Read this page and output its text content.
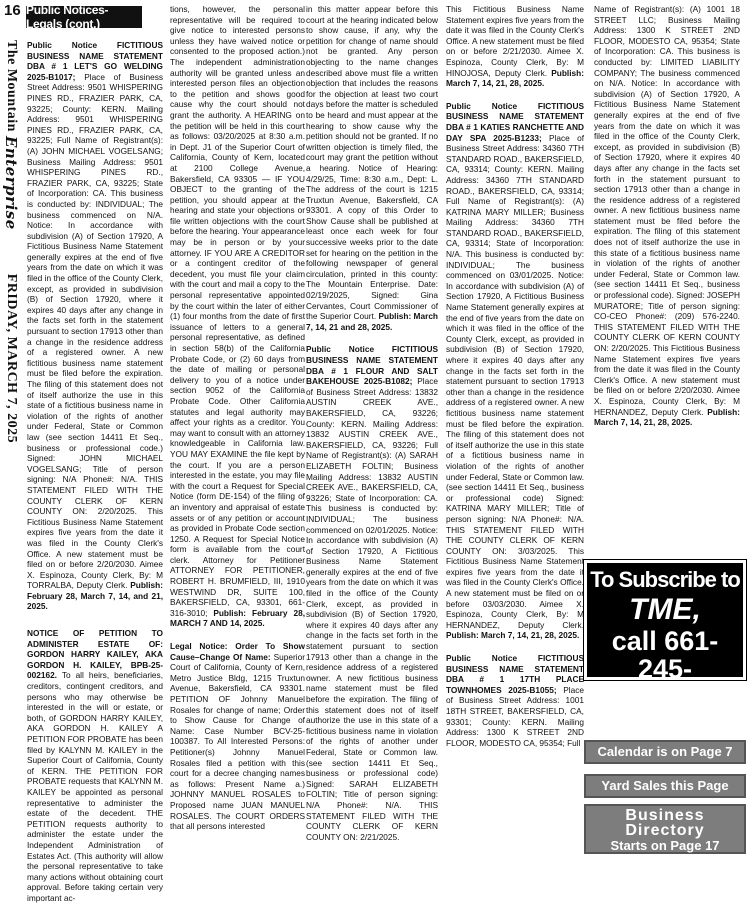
16 Public Notices-Legals (cont.)
The Mountain Enterprise           FRIDAY, MARCH 7, 2025

Public Notice FICTITIOUS BUSINESS NAME STATEMENT DBA # 1 LET'S GO WELDING 2025-B1017; Place of Business Street Address: 9501 WHISPERING PINES RD., FRAZIER PARK, CA, 93225; County: KERN. Mailing Address: 9501 WHISPERING PINES RD., FRAZIER PARK, CA, 93225; Full Name of Registrant(s): (A) JOHN MICHAEL VOGELSANG; Business Mailing Address: 9501 WHISPERING PINES RD., FRAZIER PARK, CA, 93225; State of Incorporation: CA. This business is conducted by: INDIVIDUAL; The business commenced on N/A. Notice: In accordance with subdivision (A) of Section 17920, A Fictitious Business Name Statement generally expires at the end of five years from the date on which it was filed in the office of the County Clerk, except, as provided in subdivision (B) of Section 17920, where it expires 40 days after any change in the facts set forth in the statement pursuant to section 17913 other than a change in the residence address of a registered owner. A new fictitious business name statement must be filed before the expiration. The filing of this statement does not of itself authorize the use in this state of a fictitious business name in violation of the rights of another under Federal, State or Common law (see section 14411 Et Seq., business or professional code.) Signed: JOHN MICHAEL VOGELSANG; Title of person signing: N/A Phone#: N/A. THIS STATEMENT FILED WITH THE COUNTY CLERK OF KERN COUNTY ON: 2/20/2025. This Fictitious Business Name Statement expires five years from the date it was filed in the County Clerk's Office. A new statement must be filed on or before 2/20/2030. Aimee X. Espinoza, County Clerk, By: M TORRALBA, Deputy Clerk. Publish: February 28, March 7, 14, and 21, 2025.

NOTICE OF PETITION TO ADMINISTER ESTATE OF: GORDON HARRY KAILEY, AKA GORDON H. KAILEY, BPB-25-002162. To all heirs, beneficiaries, creditors, contingent creditors, and persons who may otherwise be interested in the will or estate, or both, of GORDON HARRY KAILEY, AKA GORDON H. KAILEY A PETITION FOR PROBATE has been filed by KALYNN M. KAILEY in the Superior Court of California, County of KERN. THE PETITION FOR PROBATE requests that KALYNN M. KAILEY be appointed as personal representative to administer the estate of the decedent. THE PETITION requests authority to administer the estate under the Independent Administration of Estates Act. (This authority will allow the personal representative to take many actions without obtaining court approval. Before taking certain very important ac-

tions, however, the personal representative will be required to give notice to interested persons unless they have waived notice or consented to the proposed action.) The independent administration authority will be granted unless an interested person files an objection to the petition and shows good cause why the court should not grant the authority. A HEARING on the petition will be held in this court as follows: 03/20/2025 at 8:30 a.m. in Dept. J1 of the Superior Court of California, County of Kern, located at 2100 College Avenue, Bakersfield, CA 93305 — IF YOU OBJECT to the granting of the petition, you should appear at the hearing and state your objections or file written objections with the court before the hearing. Your appearance may be in person or by your attorney. IF YOU ARE A CREDITOR or a contingent creditor of the decedent, you must file your claim with the court and mail a copy to the personal representative appointed by the court within the later of either (1) four months from the date of first issuance of letters to a general personal representative, as defined in section 58(b) of the California Probate Code, or (2) 60 days from the date of mailing or personal delivery to you of a notice under section 9052 of the California Probate Code. Other California statutes and legal authority may affect your rights as a creditor. You may want to consult with an attorney knowledgeable in California law. YOU MAY EXAMINE the file kept by the court. If you are a person interested in the estate, you may file with the court a Request for Special Notice (form DE-154) of the filing of an inventory and appraisal of estate assets or of any petition or account as provided in Probate Code section 1250. A Request for Special Notice form is available from the court clerk. Attorney for Petitioner ATTORNEY FOR PETITIONER, ROBERT H. BRUMFIELD, III, 1910 WESTWIND DR, SUITE 100, BAKERSFIELD, CA, 93301, 661-316-3010; Publish: February 28, MARCH 7 AND 14, 2025.

Legal Notice: Order To Show Cause–Change Of Name: Superior Court of California, County of Kern, Metro Justice Bldg, 1215 Truxtun Avenue, Bakersfield, CA 93301. PETITION OF Johnny Manuel Rosales for change of name; Order to Show Cause for Change of Name: Case Number BCV-25-100387. To All Interested Persons: Petitioner(s) Johnny Manuel Rosales filed a petition with this court for a decree changing names as follows: Present Name a.) JOHNNY MANUEL ROSALES to Proposed name JUAN MANUEL ROSALES. The COURT ORDERS that all persons interested

in this matter appear before this court at the hearing indicated below to show cause, if any, why the petition for change of name should not be granted. Any person objecting to the name changes described above must file a written objection that includes the reasons for the objection at least two court days before the matter is scheduled to be heard and must appear at the hearing to show cause why the petition should not be granted. If no written objection is timely filed, the court may grant the petition without a hearing. Notice of Hearing: 4/29/25, Time: 8:30 a.m., Dept: L. The address of the court is 1215 Truxtun Avenue, Bakersfield, CA 93301. A copy of this Order to Show Cause shall be published at least once each week for four successive weeks prior to the date set for hearing on the petition in the following newspaper of general circulation, printed in this county: The Mountain Enterprise. Date: 02/19/2025, Signed: Gina Cervantes, Court Commissioner of the Superior Court. Publish: March 7, 14, 21 and 28, 2025.

Public Notice FICTITIOUS BUSINESS NAME STATEMENT DBA # 1 FLOUR AND SALT BAKEHOUSE 2025-B1082; Place of Business Street Address: 13832 AUSTIN CREEK AVE., BAKERSFIELD, CA, 93226; County: KERN. Mailing Address: 13832 AUSTIN CREEK AVE., BAKERSFIELD, CA, 93226; Full Name of Registrant(s): (A) SARAH ELIZABETH FOLTIN; Business Mailing Address: 13832 AUSTIN CREEK AVE., BAKERSFIELD, CA, 93226; State of Incorporation: CA. This business is conducted by: INDIVIDUAL; The business commenced on 02/01/2025. Notice: In accordance with subdivision (A) of Section 17920, A Fictitious Business Name Statement generally expires at the end of five years from the date on which it was filed in the office of the County Clerk, except, as provided in subdivision (B) of Section 17920, where it expires 40 days after any change in the facts set forth in the statement pursuant to section 17913 other than a change in the residence address of a registered owner. A new fictitious business name statement must be filed before the expiration. The filing of this statement does not of itself authorize the use in this state of a fictitious business name in violation of the rights of another under Federal, State or Common law. (see section 14411 Et Seq., business or professional code) Signed: SARAH ELIZABETH FOLTIN; Title of person signing: N/A Phone#: N/A. THIS STATEMENT FILED WITH THE COUNTY CLERK OF KERN COUNTY ON: 2/21/2025.

This Fictitious Business Name Statement expires five years from the date it was filed in the County Clerk's Office. A new statement must be filed on or before 2/21/2030. Aimee X. Espinoza, County Clerk, By: M HINOJOSA, Deputy Clerk. Publish: March 7, 14, 21, 28, 2025.

Public Notice FICTITIOUS BUSINESS NAME STATEMENT DBA # 1 KATIES RANCHETTE AND DAY SPA 2025-B1233; Place of Business Street Address: 34360 7TH STANDARD ROAD., BAKERSFIELD, CA, 93314; County: KERN. Mailing Address: 34360 7TH STANDARD ROAD., BAKERSFIELD, CA, 93314; Full Name of Registrant(s): (A) KATRINA MARY MILLER; Business Mailing Address: 34360 7TH STANDARD ROAD., BAKERSFIELD, CA, 93314; State of Incorporation: N/A. This business is conducted by: INDIVIDUAL; The business commenced on 03/01/2025. Notice: In accordance with subdivision (A) of Section 17920, A Fictitious Business Name Statement generally expires at the end of five years from the date on which it was filed in the office of the County Clerk, except, as provided in subdivision (B) of Section 17920, where it expires 40 days after any change in the facts set forth in the statement pursuant to section 17913 other than a change in the residence address of a registered owner. A new fictitious business name statement must be filed before the expiration. The filing of this statement does not of itself authorize the use in this state of a fictitious business name in violation of the rights of another under Federal, State or Common law. (see section 14411 Et Seq., business or professional code) Signed: KATRINA MARY MILLER; Title of person signing: N/A Phone#: N/A. THIS STATEMENT FILED WITH THE COUNTY CLERK OF KERN COUNTY ON: 3/03/2025. This Fictitious Business Name Statement expires five years from the date it was filed in the County Clerk's Office. A new statement must be filed on or before 03/03/2030. Aimee X. Espinoza, County Clerk, By: M HERNANDEZ, Deputy Clerk. Publish: March 7, 14, 21, 28, 2025.

Public Notice FICTITIOUS BUSINESS NAME STATEMENT DBA # 1 17TH PLACE TOWNHOMES 2025-B1055; Place of Business Street Address: 1001 18TH STREET, BAKERSFIELD, CA, 93301; County: KERN. Mailing Address: 1300 K STREET 2ND FLOOR, MODESTO CA, 95354; Full

Name of Registrant(s): (A) 1001 18 STREET LLC; Business Mailing Address: 1300 K STREET 2ND FLOOR, MODESTO CA, 95354; State of Incorporation: CA. This business is conducted by: LIMITED LIABILITY COMPANY; The business commenced on N/A. Notice: In accordance with subdivision (A) of Section 17920, A Fictitious Business Name Statement generally expires at the end of five years from the date on which it was filed in the office of the County Clerk, except, as provided in subdivision (B) of Section 17920, where it expires 40 days after any change in the facts set forth in the statement pursuant to section 17913 other than a change in the residence address of a registered owner. A new fictitious business name statement must be filed before the expiration. The filing of this statement does not of itself authorize the use in this state of a fictitious business name in violation of the rights of another under Federal, State or Common law. (see section 14411 Et Seq., business or professional code). Signed: JOSEPH MURATORE; Title of person signing: CO-CEO Phone#: (209) 576-2240. THIS STATEMENT FILED WITH THE COUNTY CLERK OF KERN COUNTY ON: 2/20/2025. This Fictitious Business Name Statement expires five years from the date it was filed in the County Clerk's Office. A new statement must be filed on or before 2/20/2030. Aimee X. Espinoza, County Clerk, By: M HERNANDEZ, Deputy Clerk. Publish: March 7, 14, 21, 28, 2025.

To Subscribe to
TME,
call 661-
245-
Calendar is on Page 7
Yard Sales this Page
Business
Directory
Starts on Page 17
